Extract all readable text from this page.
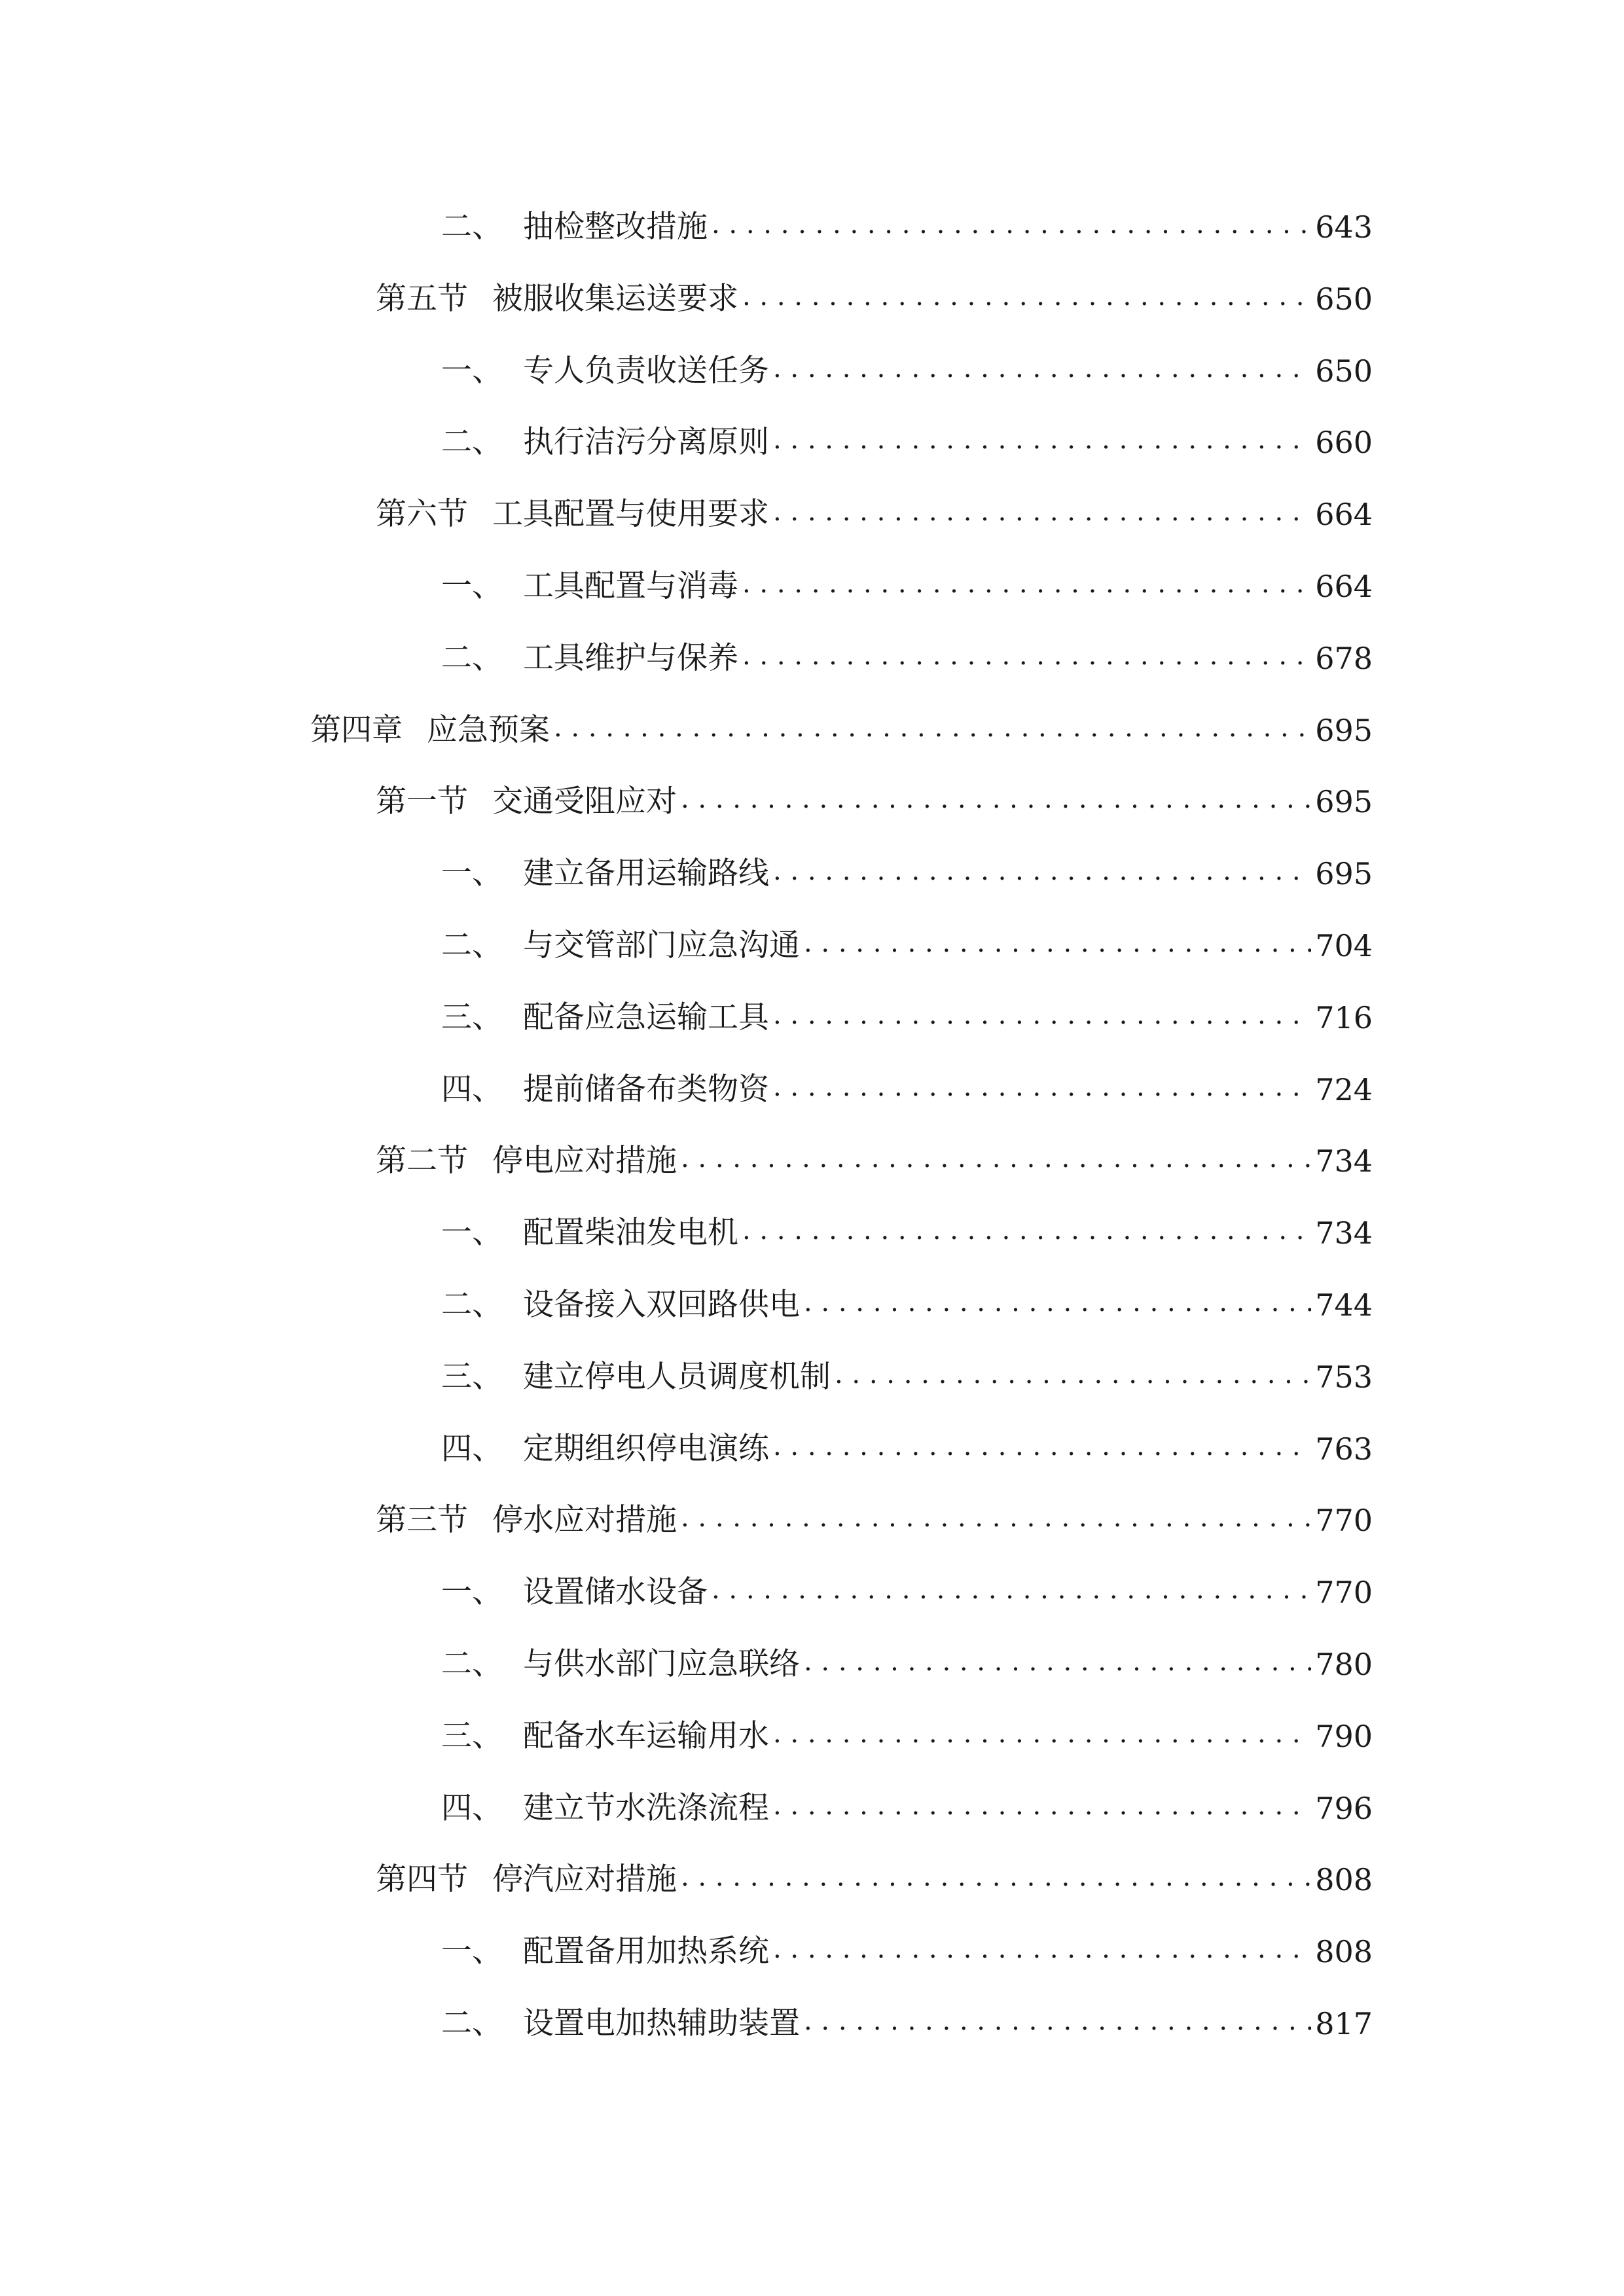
二、 抽检整改措施 . . .	643
第五节 被服收集运送要求 . . .	650
一、 专人负责收送任务 . . .	650
二、 执行洁污分离原则 . . .	660
第六节 工具配置与使用要求 . . .	664
一、 工具配置与消毒 . . .	664
二、 工具维护与保养 . . .	678
第四章 应急预案 . . .	695
第一节 交通受阻应对 . . .	695
一、 建立备用运输路线 . . .	695
二、 与交管部门应急沟通 . . .	704
三、 配备应急运输工具 . . .	716
四、 提前储备布类物资 . . .	724
第二节 停电应对措施 . . .	734
一、 配置柴油发电机 . . .	734
二、 设备接入双回路供电 . . .	744
三、 建立停电人员调度机制 . . .	753
四、 定期组织停电演练 . . .	763
第三节 停水应对措施 . . .	770
一、 设置储水设备 . . .	770
二、 与供水部门应急联络 . . .	780
三、 配备水车运输用水 . . .	790
四、 建立节水洗涤流程 . . .	796
第四节 停汽应对措施 . . .	808
一、 配置备用加热系统 . . .	808
二、 设置电加热辅助装置 . . .	817
